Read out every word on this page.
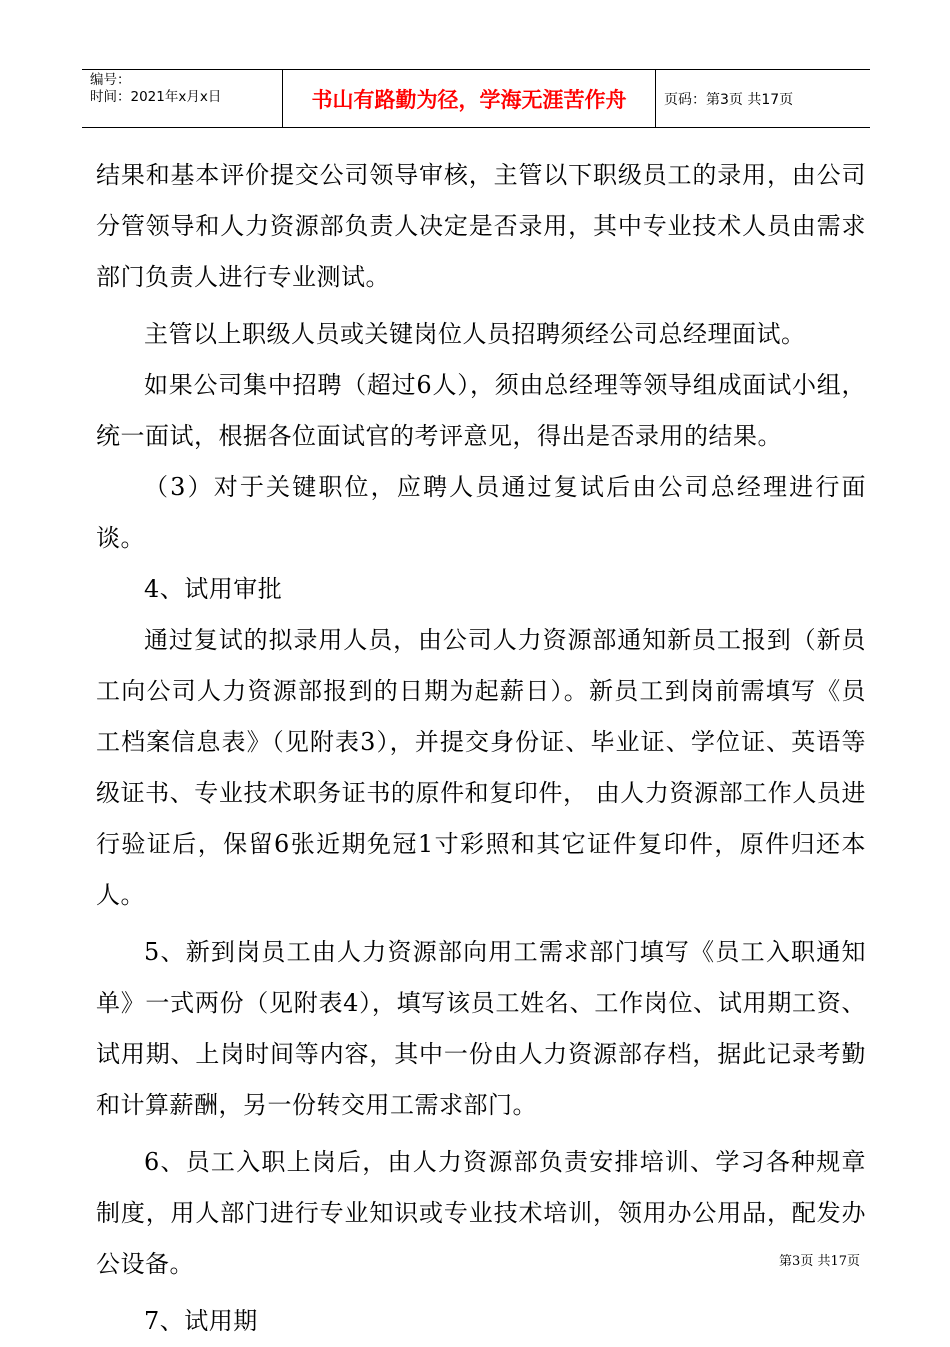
编号：
时间：2021年x月x日	书山有路勤为径，学海无涯苦作舟	页码：第3页 共17页

结果和基本评价提交公司领导审核，主管以下职级员工的录用，由公司分管领导和人力资源部负责人决定是否录用，其中专业技术人员由需求部门负责人进行专业测试。

主管以上职级人员或关键岗位人员招聘须经公司总经理面试。

如果公司集中招聘（超过6人），须由总经理等领导组成面试小组，统一面试，根据各位面试官的考评意见，得出是否录用的结果。

（3）对于关键职位，应聘人员通过复试后由公司总经理进行面谈。

4、试用审批

通过复试的拟录用人员，由公司人力资源部通知新员工报到（新员工向公司人力资源部报到的日期为起薪日）。新员工到岗前需填写《员工档案信息表》（见附表3），并提交身份证、毕业证、学位证、英语等级证书、专业技术职务证书的原件和复印件， 由人力资源部工作人员进行验证后，保留6张近期免冠1寸彩照和其它证件复印件，原件归还本人。

5、新到岗员工由人力资源部向用工需求部门填写《员工入职通知单》一式两份（见附表4），填写该员工姓名、工作岗位、试用期工资、试用期、上岗时间等内容，其中一份由人力资源部存档，据此记录考勤和计算薪酬，另一份转交用工需求部门。

6、员工入职上岗后，由人力资源部负责安排培训、学习各种规章制度，用人部门进行专业知识或专业技术培训，领用办公用品，配发办公设备。

7、试用期

第3页 共17页
